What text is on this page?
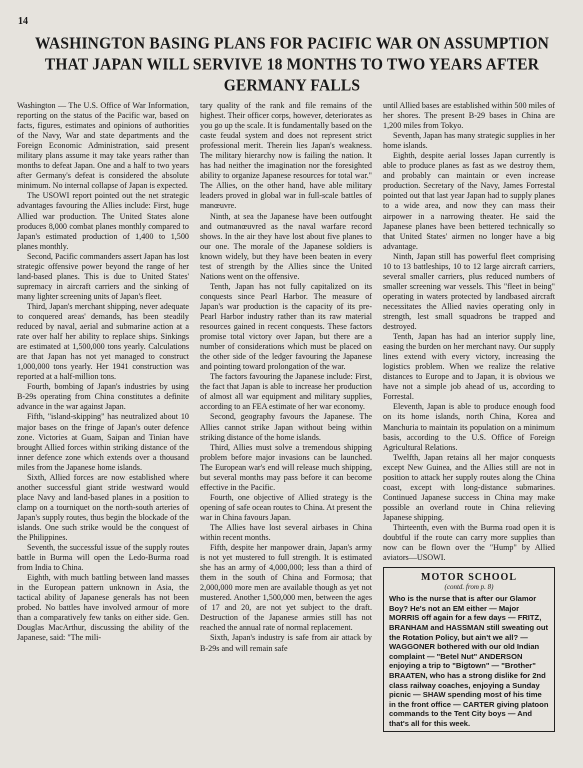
14
WASHINGTON BASING PLANS FOR PACIFIC WAR ON ASSUMPTION THAT JAPAN WILL SERVIVE 18 MONTHS TO TWO YEARS AFTER GERMANY FALLS

Washington — The U.S. Office of War Information, reporting on the status of the Pacific war, based on facts, figures, estimates and opinions of authorities of the Navy, War and state departments and the Foreign Economic Administration, said present military plans assume it may take years rather than months to defeat Japan. One and a half to two years after Germany's defeat is considered the absolute minimum. No internal collapse of Japan is expected.

The USOWI report pointed out the net strategic advantages favouring the Allies include: First, huge Allied war production. The United States alone produces 8,000 combat planes monthly compared to Japan's estimated production of 1,400 to 1,500 planes monthly.

Second, Pacific commanders assert Japan has lost strategic offensive power beyond the range of her land-based planes. This is due to United States' supremacy in aircraft carriers and the sinking of many lighter screening units of Japan's fleet.

Third, Japan's merchant shipping, never adequate to conquered areas' demands, has been steadily reduced by naval, aerial and submarine action at a rate over half her ability to replace ships. Sinkings are estimated at 1,500,000 tons yearly. Calculations are that Japan has not yet managed to construct 1,000,000 tons yearly. Her 1941 construction was reported at a half-million tons.

Fourth, bombing of Japan's industries by using B-29s operating from China constitutes a definite advance in the war against Japan.

Fifth, "island-skipping" has neutralized about 10 major bases on the fringe of Japan's outer defence zone. Victories at Guam, Saipan and Tinian have brought Allied forces within striking distance of the inner defence zone which extends over a thousand miles from the Japanese home islands.

Sixth, Allied forces are now established where another successful giant stride westward would place Navy and land-based planes in a position to clamp on a tourniquet on the north-south arteries of Japan's supply routes, thus begin the blockade of the islands. One such strike would be the conquest of the Philippines.

Seventh, the successful issue of the supply routes battle in Burma will open the Ledo-Burma road from India to China.

Eighth, with much battling between land masses in the European pattern unknown in Asia, the tactical ability of Japanese generals has not been probed. No battles have involved armour of more than a comparatively few tanks on either side. Gen. Douglas MacArthur, discussing the ability of the Japanese, said: "The mili-

tary quality of the rank and file remains of the highest. Their officer corps, however, deteriorates as you go up the scale. It is fundamentally based on the caste feudal system and does not represent strict professional merit. Therein lies Japan's weakness. The military hierarchy now is failing the nation. It has had neither the imagination nor the foresighted ability to organize Japanese resources for total war." The Allies, on the other hand, have able military leaders proved in global war in full-scale battles of manœuvre.

Ninth, at sea the Japanese have been outfought and outmanœuvred as the naval warfare record shows. In the air they have lost about five planes to our one. The morale of the Japanese soldiers is known widely, but they have been beaten in every test of strength by the Allies since the United Nations went on the offensive.

Tenth, Japan has not fully capitalized on its conquests since Pearl Harbor. The measure of Japan's war production is the capacity of its pre-Pearl Harbor industry rather than its raw material resources gained in recent conquests. These factors promise total victory over Japan, but there are a number of considerations which must be placed on the other side of the ledger favouring the Japanese and pointing toward prolongation of the war.

The factors favouring the Japanese include: First, the fact that Japan is able to increase her production of almost all war equipment and military supplies, according to an FEA estimate of her war economy.

Second, geography favours the Japanese. The Allies cannot strike Japan without being within striking distance of the home islands.

Third, Allies must solve a tremendous shipping problem before major invasions can be launched. The European war's end will release much shipping, but several months may pass before it can become effective in the Pacific.

Fourth, one objective of Allied strategy is the opening of safe ocean routes to China. At present the war in China favours Japan.

The Allies have lost several airbases in China within recent months.

Fifth, despite her manpower drain, Japan's army is not yet mustered to full strength. It is estimated she has an army of 4,000,000; less than a third of them in the south of China and Formosa; that 2,000,000 more men are available though as yet not mustered. Another 1,500,000 men, between the ages of 17 and 20, are not yet subject to the draft. Destruction of the Japanese armies still has not reached the annual rate of normal replacement.

Sixth, Japan's industry is safe from air attack by B-29s and will remain safe

until Allied bases are established within 500 miles of her shores. The present B-29 bases in China are 1,200 miles from Tokyo.

Seventh, Japan has many strategic supplies in her home islands.

Eighth, despite aerial losses Japan currently is able to produce planes as fast as we destroy them, and probably can maintain or even increase production. Secretary of the Navy, James Forrestal pointed out that last year Japan had to supply planes to a wide area, and now they can mass their airpower in a narrowing theater. He said the Japanese planes have been bettered technically so that United States' airmen no longer have a big advantage.

Ninth, Japan still has powerful fleet comprising 10 to 13 battleships, 10 to 12 large aircraft carriers, several smaller carriers, plus reduced numbers of smaller screening war vessels. This "fleet in being" operating in waters protected by landbased aircraft necessitates the Allied navies operating only in strength, lest small squadrons be trapped and destroyed.

Tenth, Japan has had an interior supply line, easing the burden on her merchant navy. Our supply lines extend with every victory, increasing the logistics problem. When we realize the relative distances to Europe and to Japan, it is obvious we have not a simple job ahead of us, according to Forrestal.

Eleventh, Japan is able to produce enough food on its home islands, north China, Korea and Manchuria to maintain its population on a minimum basis, according to the U.S. Office of Foreign Agricultural Relations.

Twelfth, Japan retains all her major conquests except New Guinea, and the Allies still are not in position to attack her supply routes along the China coast, except with long-distance submarines. Continued Japanese success in China may make possible an overland route in China relieving Japanese shipping.

Thirteenth, even with the Burma road open it is doubtful if the route can carry more supplies than now can be flown over the "Hump" by Allied aviators—USOWI.

MOTOR SCHOOL
(contd. from p. 8)
Who is the nurse that is after our Glamor Boy? He's not an EM either — Major MORRIS off again for a few days — FRITZ, BRANHAM and HASSMAN still sweating out the Rotation Policy, but ain't we all? — WAGGONER bothered with our old Indian complaint — "Betel Nut" ANDERSON enjoying a trip to "Bigtown" — "Brother" BRAATEN, who has a strong dislike for 2nd class railway coaches, enjoying a Sunday picnic — SHAW spending most of his time in the front office — CARTER giving platoon commands to the Tent City boys — And that's all for this week.
